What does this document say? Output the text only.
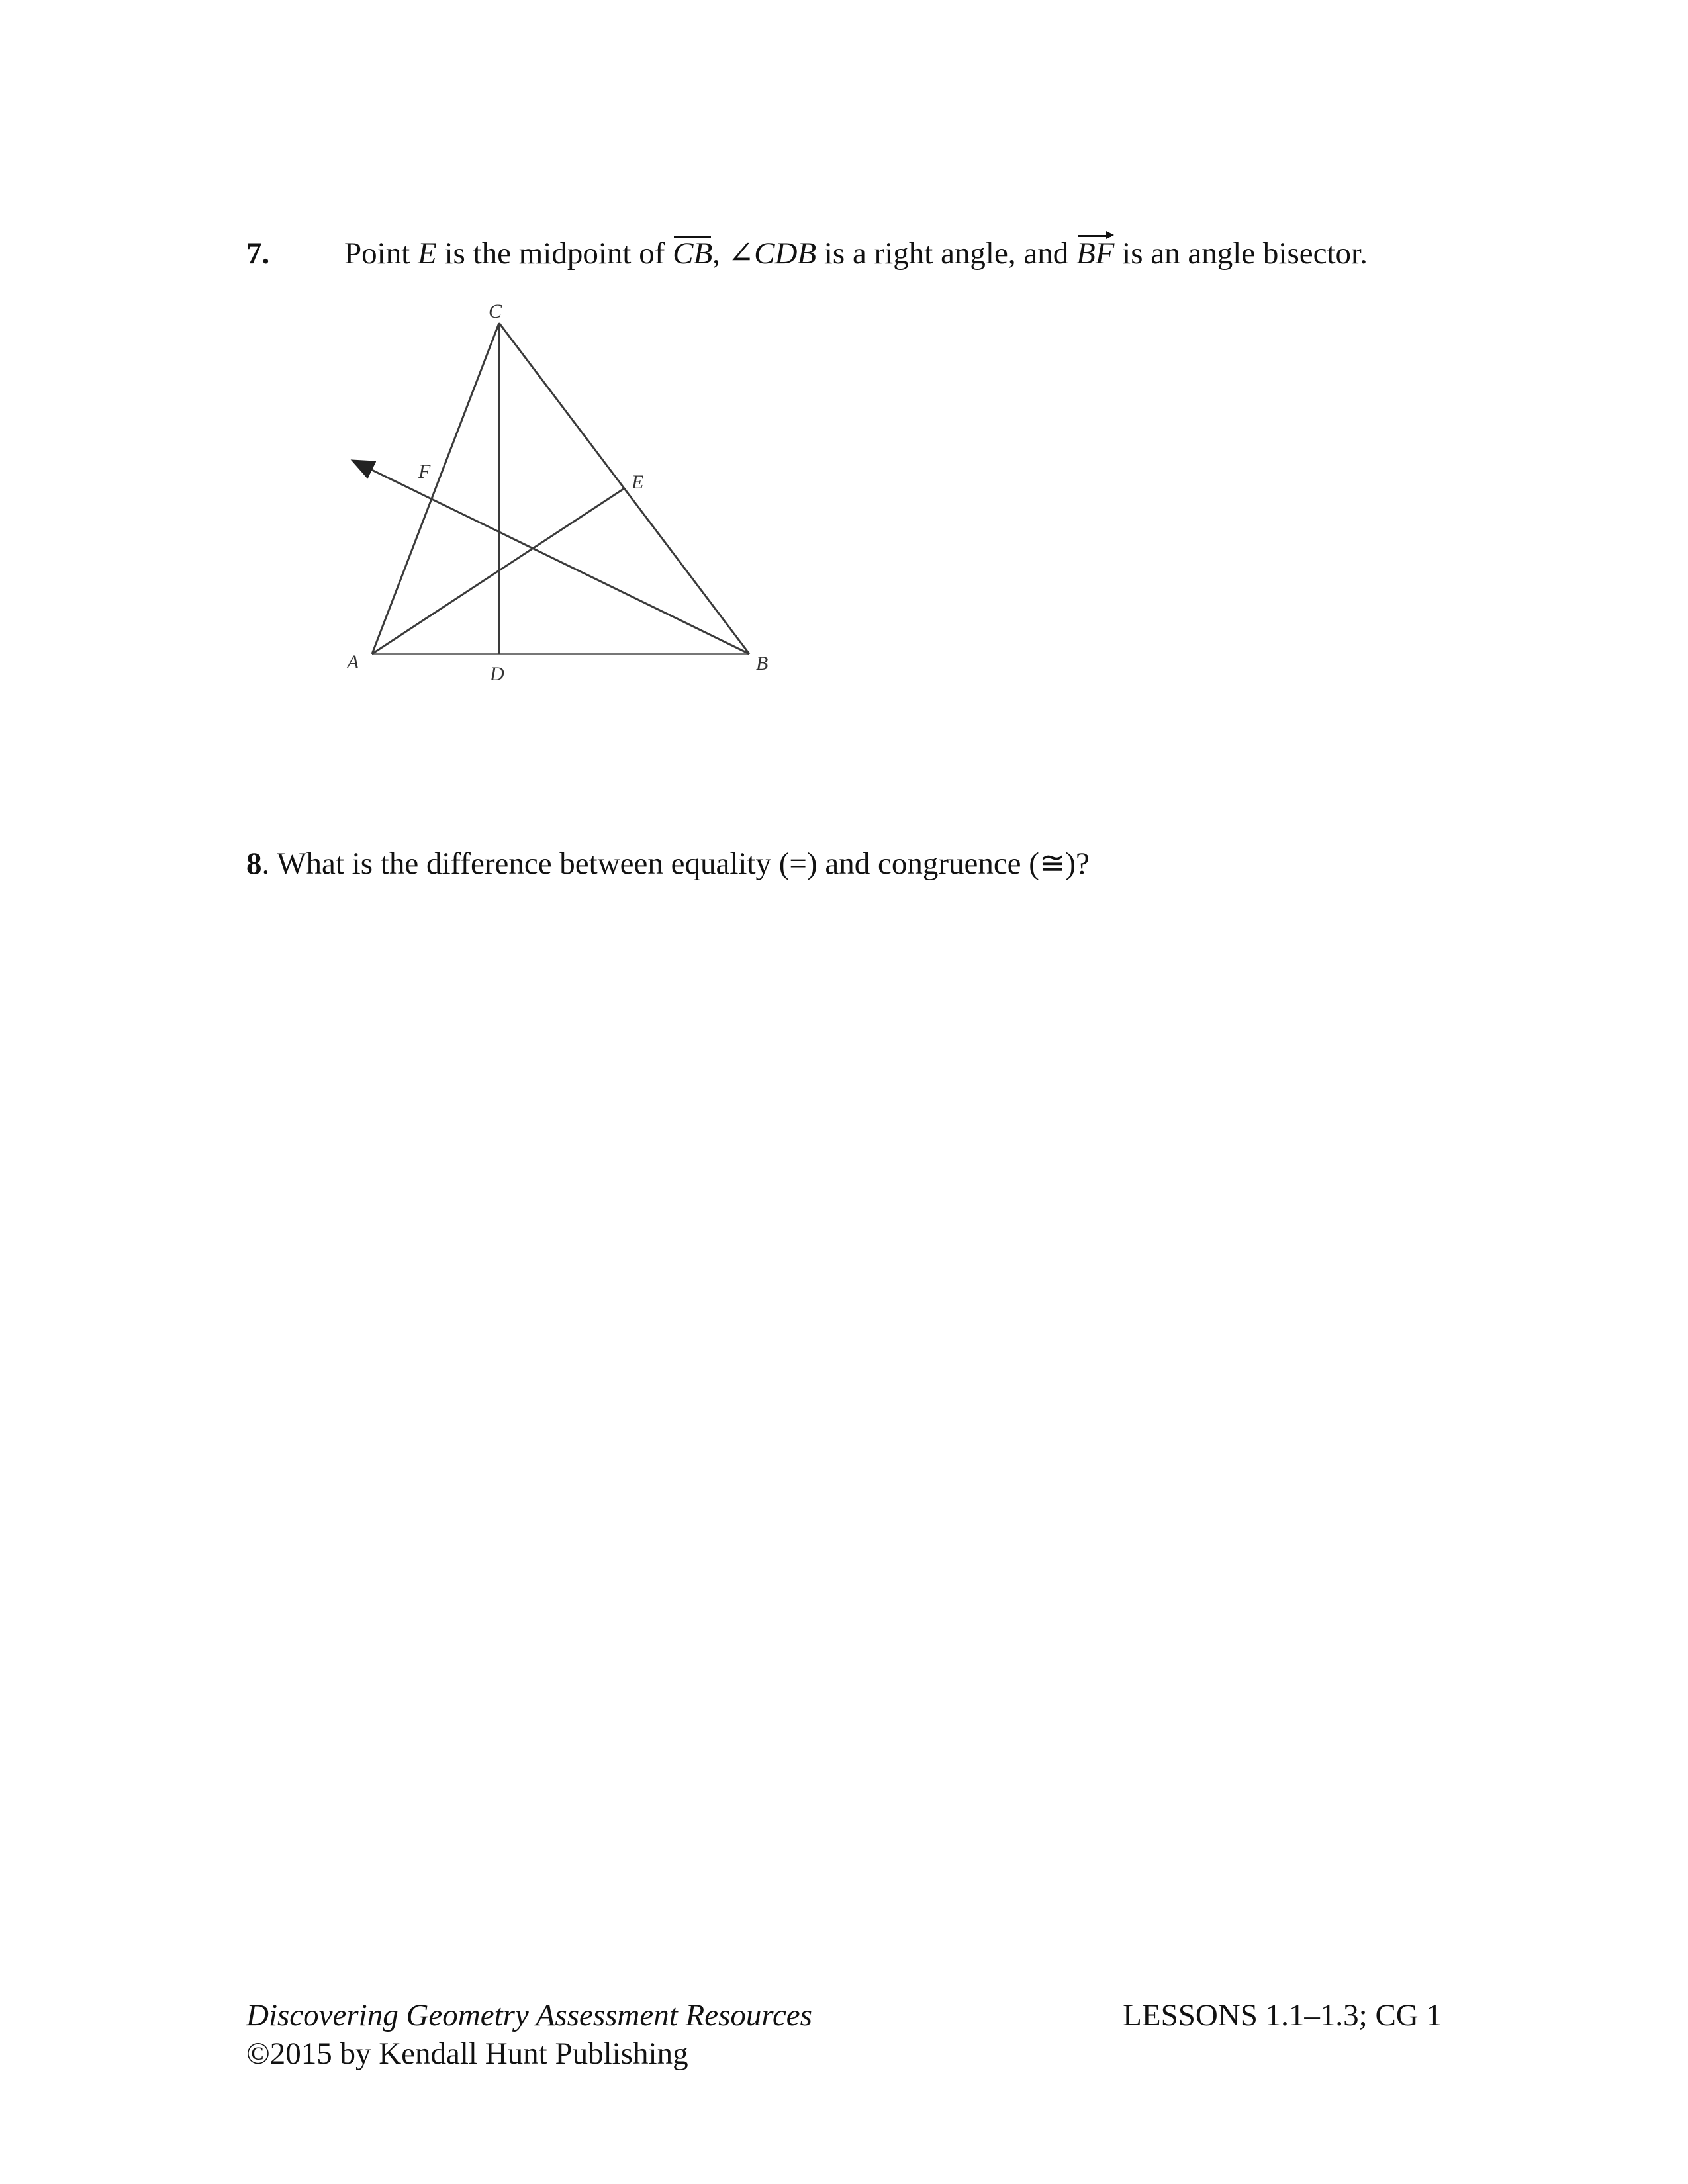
7. Point E is the midpoint of CB, ∠CDB is a right angle, and BF is an angle bisector.
C
F	E
A
D	B
8. What is the difference between equality (=) and congruence (≅)?
Discovering Geometry Assessment Resources
©2015 by Kendall Hunt Publishing
LESSONS 1.1–1.3; CG 1
